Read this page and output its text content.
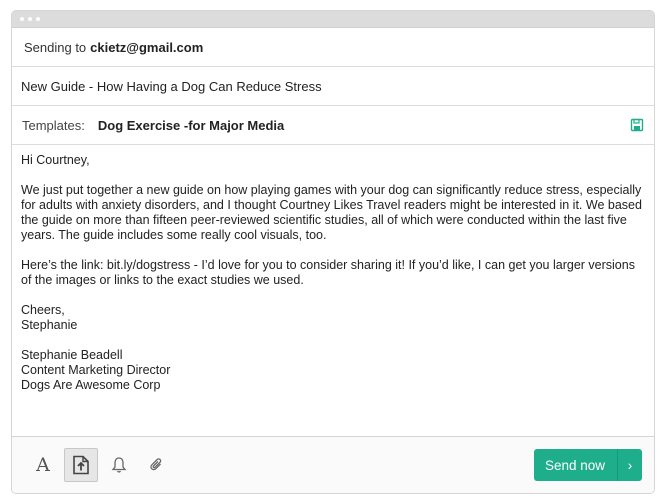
Sending to ckietz@gmail.com
New Guide - How Having a Dog Can Reduce Stress
Templates: Dog Exercise -for Major Media

Hi Courtney,

We just put together a new guide on how playing games with your dog can significantly reduce stress, especially for adults with anxiety disorders, and I thought Courtney Likes Travel readers might be interested in it. We based the guide on more than fifteen peer-reviewed scientific studies, all of which were conducted within the last five years. The guide includes some really cool visuals, too.

Here’s the link: bit.ly/dogstress - I’d love for you to consider sharing it! If you’d like, I can get you larger versions of the images or links to the exact studies we used.

Cheers,
Stephanie

Stephanie Beadell
Content Marketing Director
Dogs Are Awesome Corp

A	Send now	›
